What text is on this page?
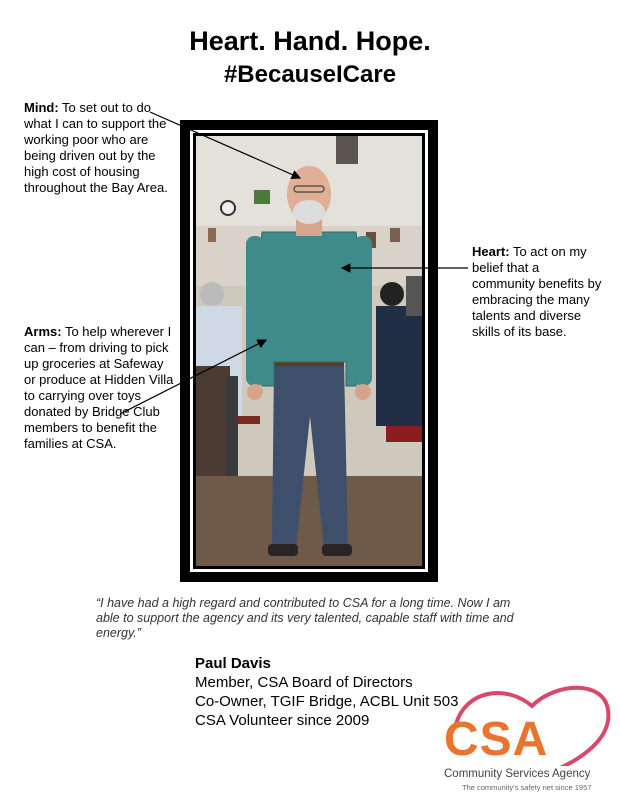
Heart. Hand. Hope.
#BecauseICare
Mind: To set out to do what I can to support the working poor who are being driven out by the high cost of housing throughout the Bay Area.
Heart: To act on my belief that a community benefits by embracing the many talents and diverse skills of its base.
Arms: To help wherever I can – from driving to pick up groceries at Safeway or produce at Hidden Villa to carrying over toys donated by Bridge Club members to benefit the families at CSA.
“I have had a high regard and contributed to CSA for a long time. Now I am able to support the agency and its very talented, capable staff with time and energy.”
Paul Davis
Member, CSA Board of Directors
Co-Owner, TGIF Bridge, ACBL Unit 503
CSA Volunteer since 2009	CSA
Community Services Agency
The community's safety net since 1957
